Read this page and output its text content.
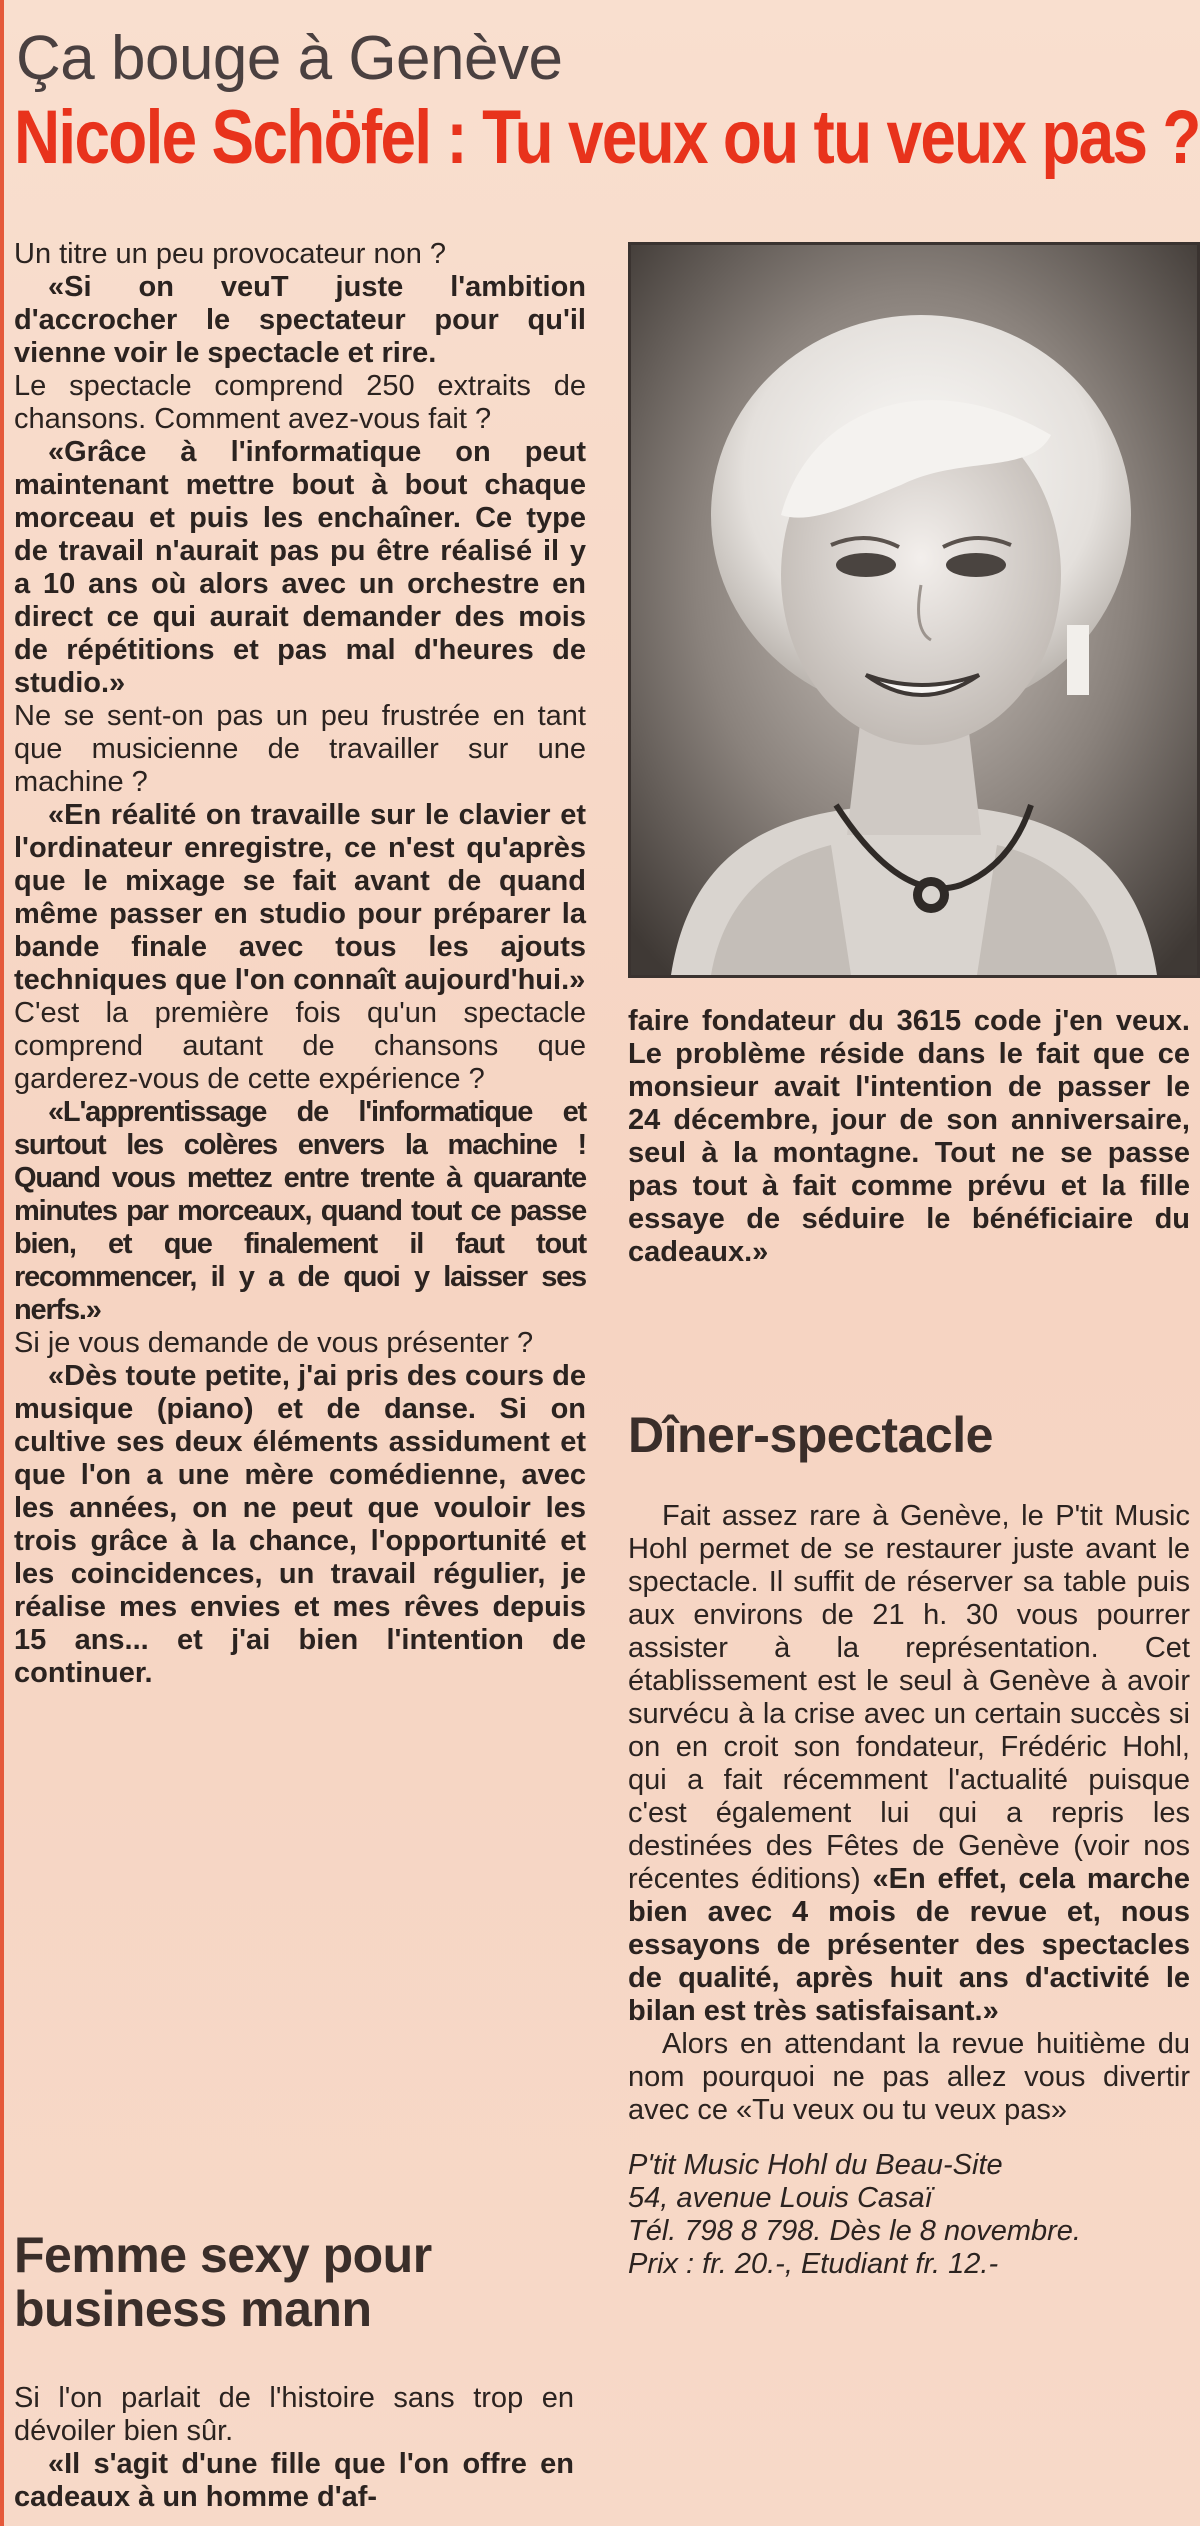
Ça bouge à Genève
Nicole Schöfel : Tu veux ou tu veux pas ?

Un titre un peu provocateur non ?

«Si on veuT juste l'ambition d'accrocher le spectateur pour qu'il vienne voir le spectacle et rire.

Le spectacle comprend 250 extraits de chansons. Comment avez-vous fait ?

«Grâce à l'informatique on peut maintenant mettre bout à bout chaque morceau et puis les enchaîner. Ce type de travail n'aurait pas pu être réalisé il y a 10 ans où alors avec un orchestre en direct ce qui aurait demander des mois de répétitions et pas mal d'heures de studio.»

Ne se sent-on pas un peu frustrée en tant que musicienne de travailler sur une machine ?

«En réalité on travaille sur le clavier et l'ordinateur enregistre, ce n'est qu'après que le mixage se fait avant de quand même passer en studio pour préparer la bande finale avec tous les ajouts techniques que l'on connaît aujourd'hui.»

C'est la première fois qu'un spectacle comprend autant de chansons que garderez-vous de cette expérience ?

«L'apprentissage de l'informatique et surtout les colères envers la machine ! Quand vous mettez entre trente à quarante minutes par morceaux, quand tout ce passe bien, et que finalement il faut tout recommencer, il y a de quoi y laisser ses nerfs.»

Si je vous demande de vous présenter ?

«Dès toute petite, j'ai pris des cours de musique (piano) et de danse. Si on cultive ses deux éléments assidument et que l'on a une mère comédienne, avec les années, on ne peut que vouloir les trois grâce à la chance, l'opportunité et les coincidences, un travail régulier, je réalise mes envies et mes rêves depuis 15 ans... et j'ai bien l'intention de continuer.

Femme sexy pour business mann

Si l'on parlait de l'histoire sans trop en dévoiler bien sûr.

«Il s'agit d'une fille que l'on offre en cadeaux à un homme d'af-

faire fondateur du 3615 code j'en veux. Le problème réside dans le fait que ce monsieur avait l'intention de passer le 24 décembre, jour de son anniversaire, seul à la montagne. Tout ne se passe pas tout à fait comme prévu et la fille essaye de séduire le bénéficiaire du cadeaux.»

Dîner-spectacle

Fait assez rare à Genève, le P'tit Music Hohl permet de se restaurer juste avant le spectacle. Il suffit de réserver sa table puis aux environs de 21 h. 30 vous pourrer assister à la représentation. Cet établissement est le seul à Genève à avoir survécu à la crise avec un certain succès si on en croit son fondateur, Frédéric Hohl, qui a fait récemment l'actualité puisque c'est également lui qui a repris les destinées des Fêtes de Genève (voir nos récentes éditions) «En effet, cela marche bien avec 4 mois de revue et, nous essayons de présenter des spectacles de qualité, après huit ans d'activité le bilan est très satisfaisant.»

Alors en attendant la revue huitième du nom pourquoi ne pas allez vous divertir avec ce «Tu veux ou tu veux pas»

P'tit Music Hohl du Beau-Site
54, avenue Louis Casaï
Tél. 798 8 798. Dès le 8 novembre.
Prix : fr. 20.-, Etudiant fr. 12.-
